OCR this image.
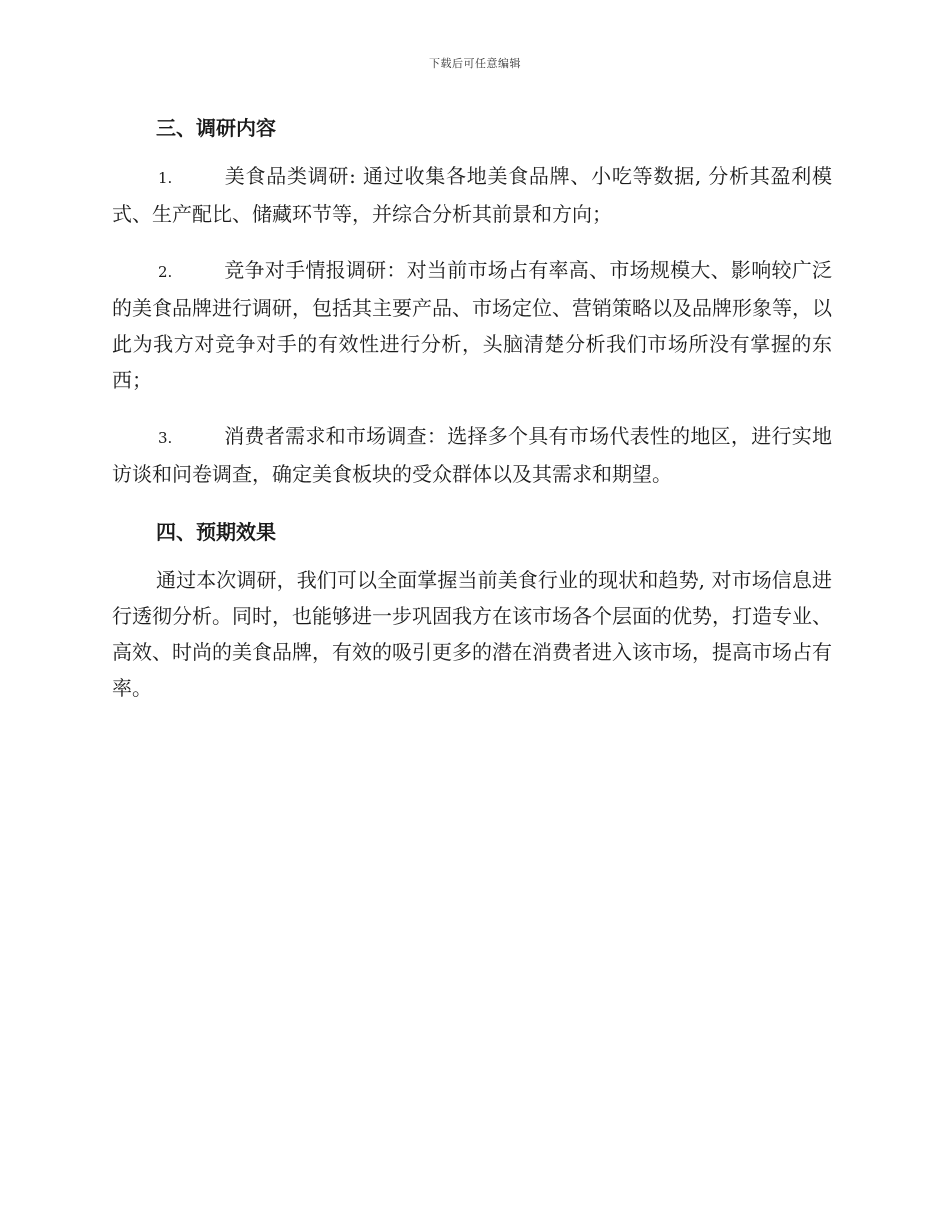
下载后可任意编辑
三、调研内容
1.	美食品类调研: 通过收集各地美食品牌、小吃等数据, 分析其盈利模式、生产配比、储藏环节等，并综合分析其前景和方向；
2.	竞争对手情报调研：对当前市场占有率高、市场规模大、影响较广泛的美食品牌进行调研，包括其主要产品、市场定位、营销策略以及品牌形象等，以此为我方对竞争对手的有效性进行分析，头脑清楚分析我们市场所没有掌握的东西；
3.	消费者需求和市场调查：选择多个具有市场代表性的地区，进行实地访谈和问卷调查，确定美食板块的受众群体以及其需求和期望。
四、预期效果

通过本次调研，我们可以全面掌握当前美食行业的现状和趋势, 对市场信息进行透彻分析。同时，也能够进一步巩固我方在该市场各个层面的优势，打造专业、高效、时尚的美食品牌，有效的吸引更多的潜在消费者进入该市场，提高市场占有率。
